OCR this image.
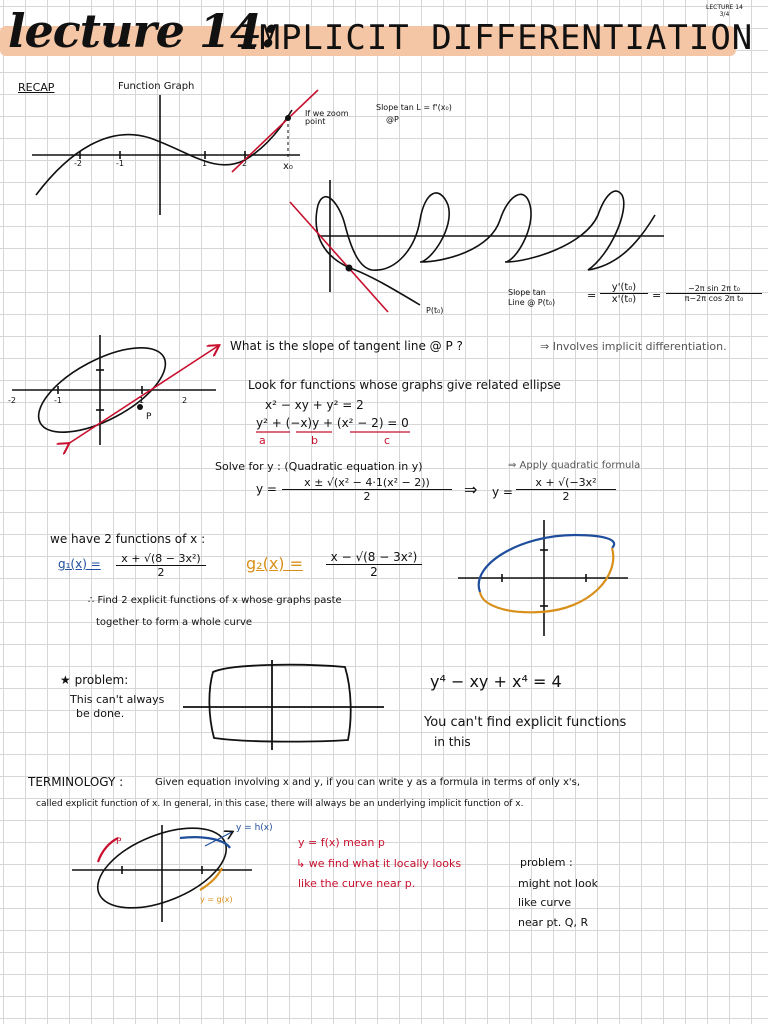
lecture 14:
IMPLICIT DIFFERENTIATION
LECTURE 14
3/4
RECAP	Function Graph
If we zoom point
Slope tan L = f'(x₀)
@P
-2	-1	1	2	x₀
Slope tan Line @ P(t₀)
= $\frac{\text{y'(t₀)}}{\text{x'(t₀)}} = \frac{\text{−2π sin 2π t₀}}{\text{π−2π cos 2π t₀}}$
P(t₀)
-2	-1	1	2
P
What is the slope of tangent line @ P ?	⇒ Involves implicit differentiation.
Look for functions whose graphs give related ellipse
x² − xy + y² = 2
y² + (−x)y + (x² − 2) = 0
a	b	c
Solve for y : (Quadratic equation in y)	⇒ Apply quadratic formula
$y = \frac{\text{x ± √(x² − 4·1(x² − 2))}}{2}$ ⇒ $y = \frac{\text{x + √(−3x²}}{2}$
we have 2 functions of x :
$g_1(x) = \frac{\text{x + √(8 − 3x²)}}{2}$	$g_2(x) = \frac{\text{x − √(8 − 3x²)}}{2}$
∴ Find 2 explicit functions of x whose graphs paste
together to form a whole curve
★ problem:
This can't always
be done.
y⁴ − xy + x⁴ = 4
You can't find explicit functions
in this
TERMINOLOGY :	Given equation involving x and y, if you can write y as a formula in terms of only x's,
called explicit function of x. In general, in this case, there will always be an underlying implicit function of x.
y = h(x)
y = g(x)
P	y = f(x) mean p
↳ we find what it locally looks
like the curve near p.
problem :
might not look
like curve
near pt. Q, R
